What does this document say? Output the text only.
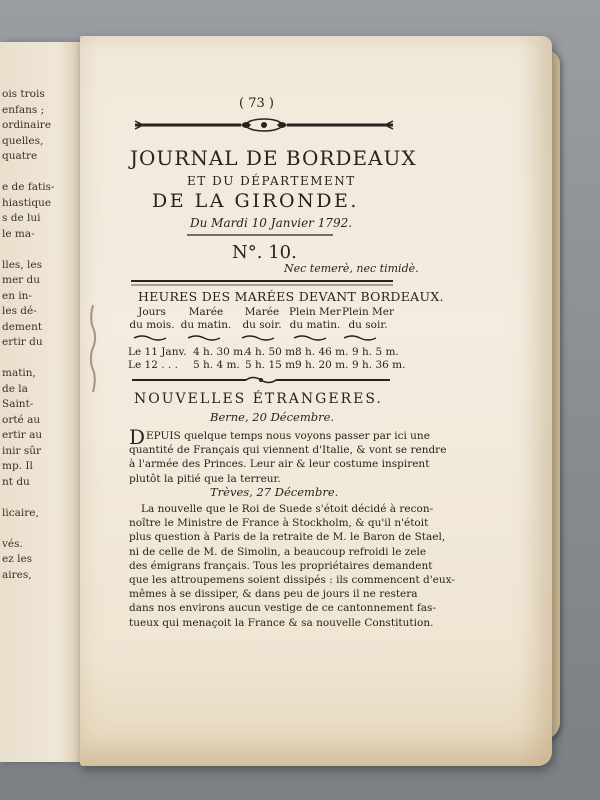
ois trois
enfans ;
ordinaire
quelles,
quatre
e de fatis-
hiastique
s de lui
le ma-
lles, les
mer du
en in-
les dé-
dement
ertir du
matin,
de la
Saint-
orté au
ertir au
inir sûr
mp. Il
nt du
licaire,
vés.
ez les
aires,
( 73 )
JOURNAL DE BORDEAUX
ET DU DÉPARTEMENT
DE LA GIRONDE.
Du Mardi 10 Janvier 1792.
N°. 10.
Nec temerè, nec timidè.
HEURES DES MARÉES DEVANT BORDEAUX.
Jours
du mois.
Marée
du matin.
Marée
du soir.
Plein Mer
du matin.
Plein Mer
du soir.
Le 11 Janv. 4 h. 30 m.
4 h. 50 m.
8 h. 46 m. 9 h. 5 m.
Le 12 . . . 5 h. 4 m. 5 h. 15 m.
9 h. 20 m. 9 h. 36 m.
NOUVELLES ÉTRANGERES.
Berne, 20 Décembre.
D EPUIS quelque temps nous voyons passer par ici une
quantité de Français qui viennent d'Italie, & vont se rendre
à l'armée des Princes. Leur air & leur costume inspirent
plutôt la pitié que la terreur.
Trèves, 27 Décembre.
La nouvelle que le Roi de Suede s'étoit décidé à recon-
noître le Ministre de France à Stockholm, & qu'il n'étoit
plus question à Paris de la retraite de M. le Baron de Stael,
ni de celle de M. de Simolin, a beaucoup refroidi le zele
des émigrans français. Tous les propriétaires demandent
que les attroupemens soient dissipés : ils commencent d'eux-
mêmes à se dissiper, & dans peu de jours il ne restera
dans nos environs aucun vestige de ce cantonnement fas-
tueux qui menaçoit la France & sa nouvelle Constitution.
